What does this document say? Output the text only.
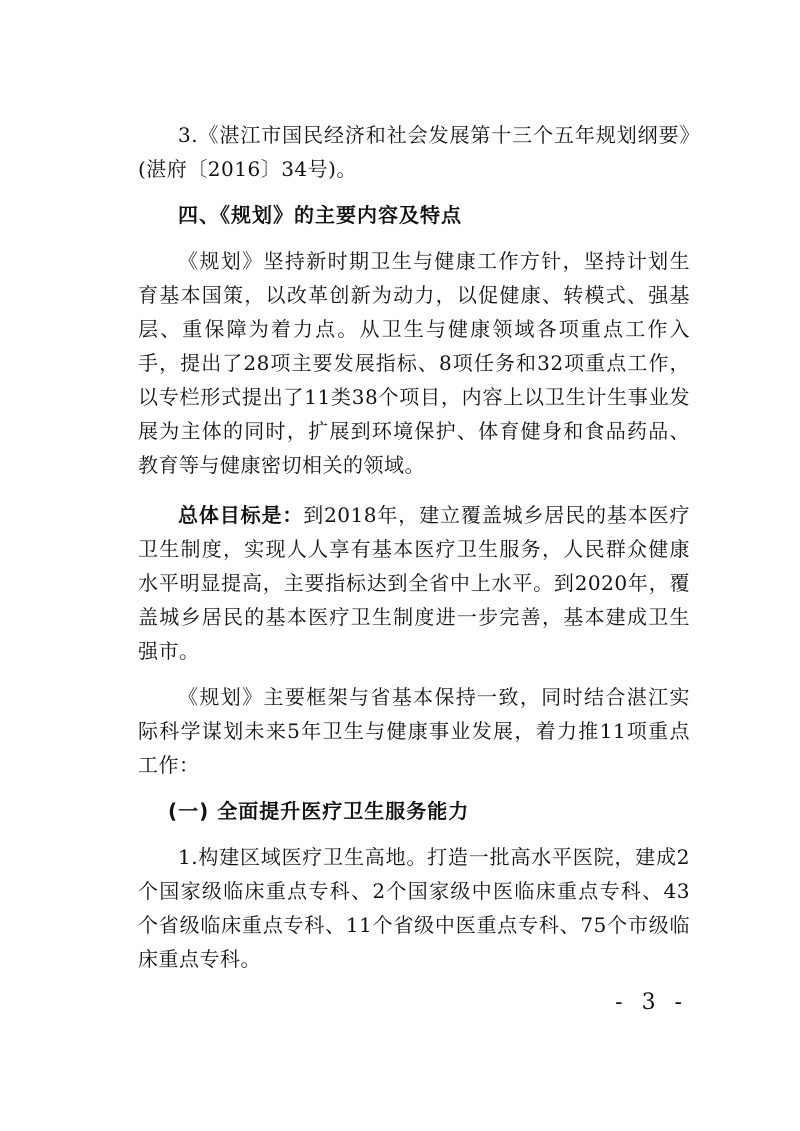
3.《湛江市国民经济和社会发展第十三个五年规划纲要》(湛府〔2016〕34号)。

四、《规划》的主要内容及特点

《规划》坚持新时期卫生与健康工作方针，坚持计划生育基本国策，以改革创新为动力，以促健康、转模式、强基层、重保障为着力点。从卫生与健康领域各项重点工作入手，提出了28项主要发展指标、8项任务和32项重点工作，以专栏形式提出了11类38个项目，内容上以卫生计生事业发展为主体的同时，扩展到环境保护、体育健身和食品药品、教育等与健康密切相关的领域。

总体目标是：到2018年，建立覆盖城乡居民的基本医疗卫生制度，实现人人享有基本医疗卫生服务，人民群众健康水平明显提高，主要指标达到全省中上水平。到2020年，覆盖城乡居民的基本医疗卫生制度进一步完善，基本建成卫生强市。

《规划》主要框架与省基本保持一致，同时结合湛江实际科学谋划未来5年卫生与健康事业发展，着力推11项重点工作：

(一) 全面提升医疗卫生服务能力

1.构建区域医疗卫生高地。打造一批高水平医院，建成2个国家级临床重点专科、2个国家级中医临床重点专科、43个省级临床重点专科、11个省级中医重点专科、75个市级临床重点专科。

- 3 -
